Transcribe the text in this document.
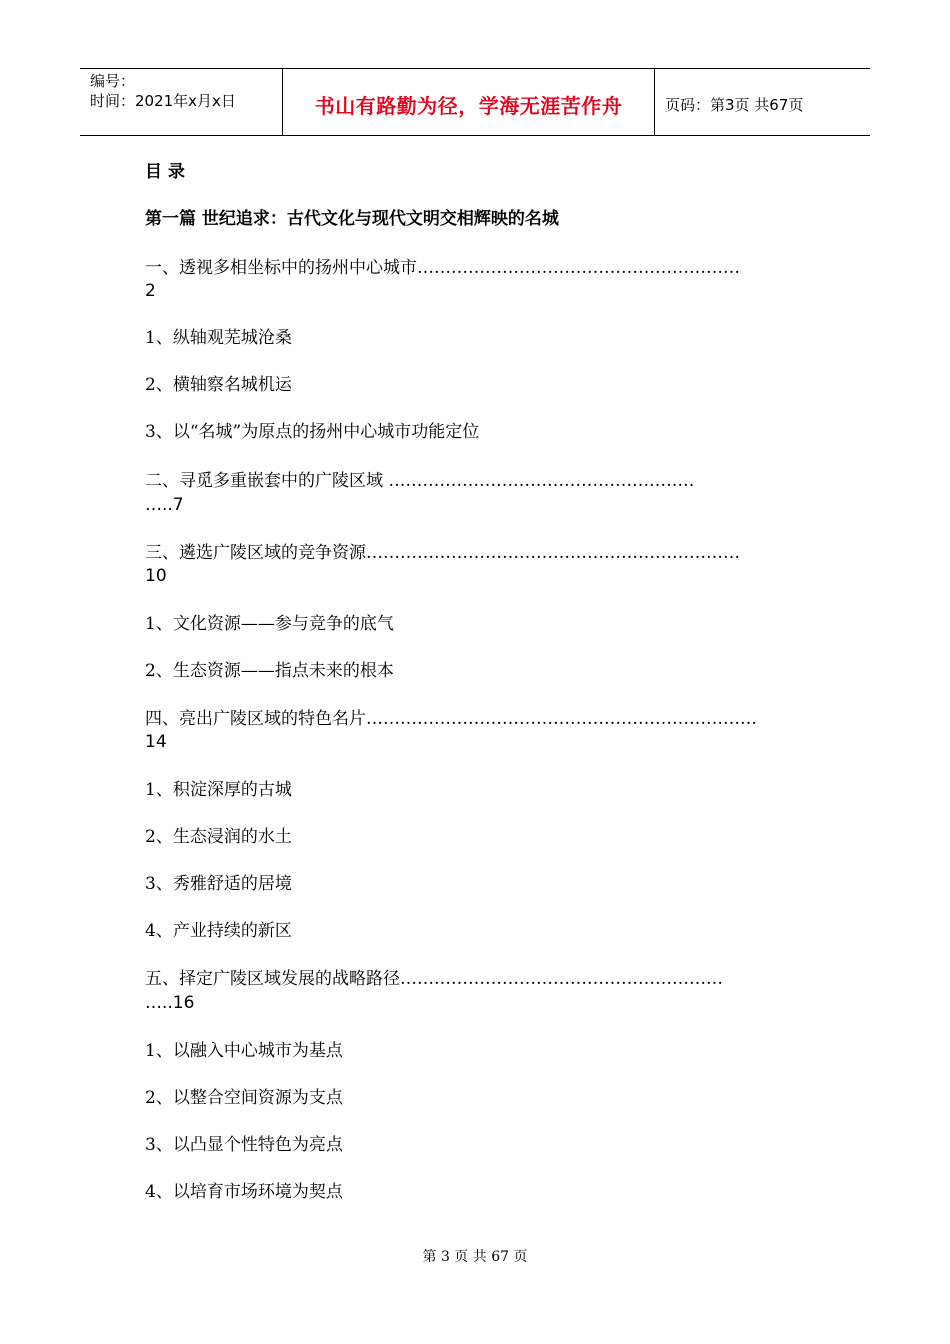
编号：
时间：2021年x月x日	书山有路勤为径，学海无涯苦作舟	页码：第3页 共67页
目 录
第一篇 世纪追求：古代文化与现代文明交相辉映的名城
一、透视多相坐标中的扬州中心城市…………………………………………………
2
1、纵轴观芜城沧桑
2、横轴察名城机运
3、以“名城”为原点的扬州中心城市功能定位
二、寻觅多重嵌套中的广陵区域 ………………………………………………
…..7
三、遴选广陵区域的竞争资源…………………………………………………………
10
1、文化资源——参与竞争的底气
2、生态资源——指点未来的根本
四、亮出广陵区域的特色名片……………………………………………………………
14
1、积淀深厚的古城
2、生态浸润的水土
3、秀雅舒适的居境
4、产业持续的新区
五、择定广陵区域发展的战略路径…………………………………………………
…..16
1、以融入中心城市为基点
2、以整合空间资源为支点
3、以凸显个性特色为亮点
4、以培育市场环境为契点
第 3 页 共 67 页
